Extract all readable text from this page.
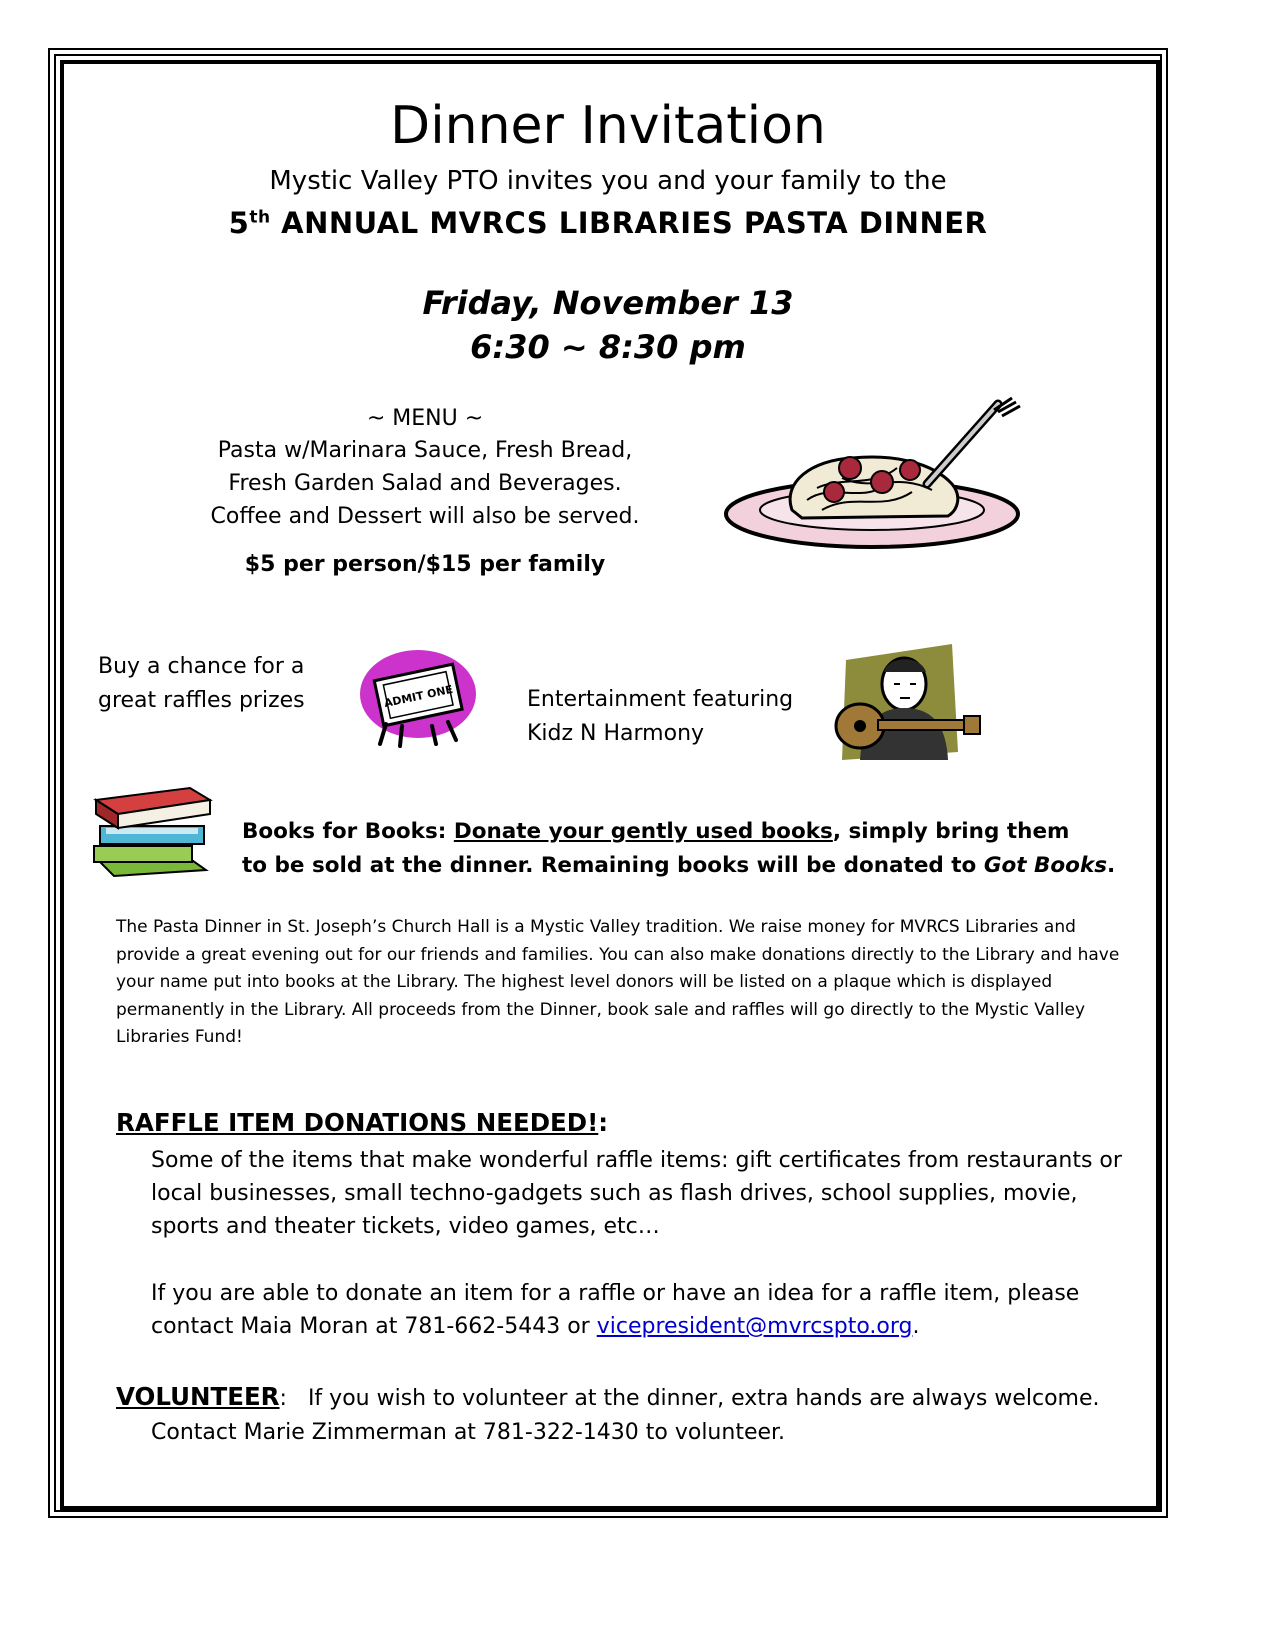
Dinner Invitation
Mystic Valley PTO invites you and your family to the
5th ANNUAL MVRCS LIBRARIES PASTA DINNER
Friday, November 13
6:30 ~ 8:30 pm
~ MENU ~
Pasta w/Marinara Sauce, Fresh Bread,
Fresh Garden Salad and Beverages.
Coffee and Dessert will also be served.
$5 per person/$15 per family
Buy a chance for a
great raffles prizes	ADMIT ONE	Entertainment featuring
Kidz N Harmony
Books for Books: Donate your gently used books, simply bring them
to be sold at the dinner. Remaining books will be donated to Got Books.
The Pasta Dinner in St. Joseph’s Church Hall is a Mystic Valley tradition. We raise money for MVRCS Libraries and provide a great evening out for our friends and families. You can also make donations directly to the Library and have your name put into books at the Library. The highest level donors will be listed on a plaque which is displayed permanently in the Library. All proceeds from the Dinner, book sale and raffles will go directly to the Mystic Valley Libraries Fund!
RAFFLE ITEM DONATIONS NEEDED!:
Some of the items that make wonderful raffle items: gift certificates from restaurants or local businesses, small techno-gadgets such as flash drives, school supplies, movie, sports and theater tickets, video games, etc…
If you are able to donate an item for a raffle or have an idea for a raffle item, please contact Maia Moran at 781-662-5443 or vicepresident@mvrcspto.org.
VOLUNTEER:   If you wish to volunteer at the dinner, extra hands are always welcome.
Contact Marie Zimmerman at 781-322-1430 to volunteer.
